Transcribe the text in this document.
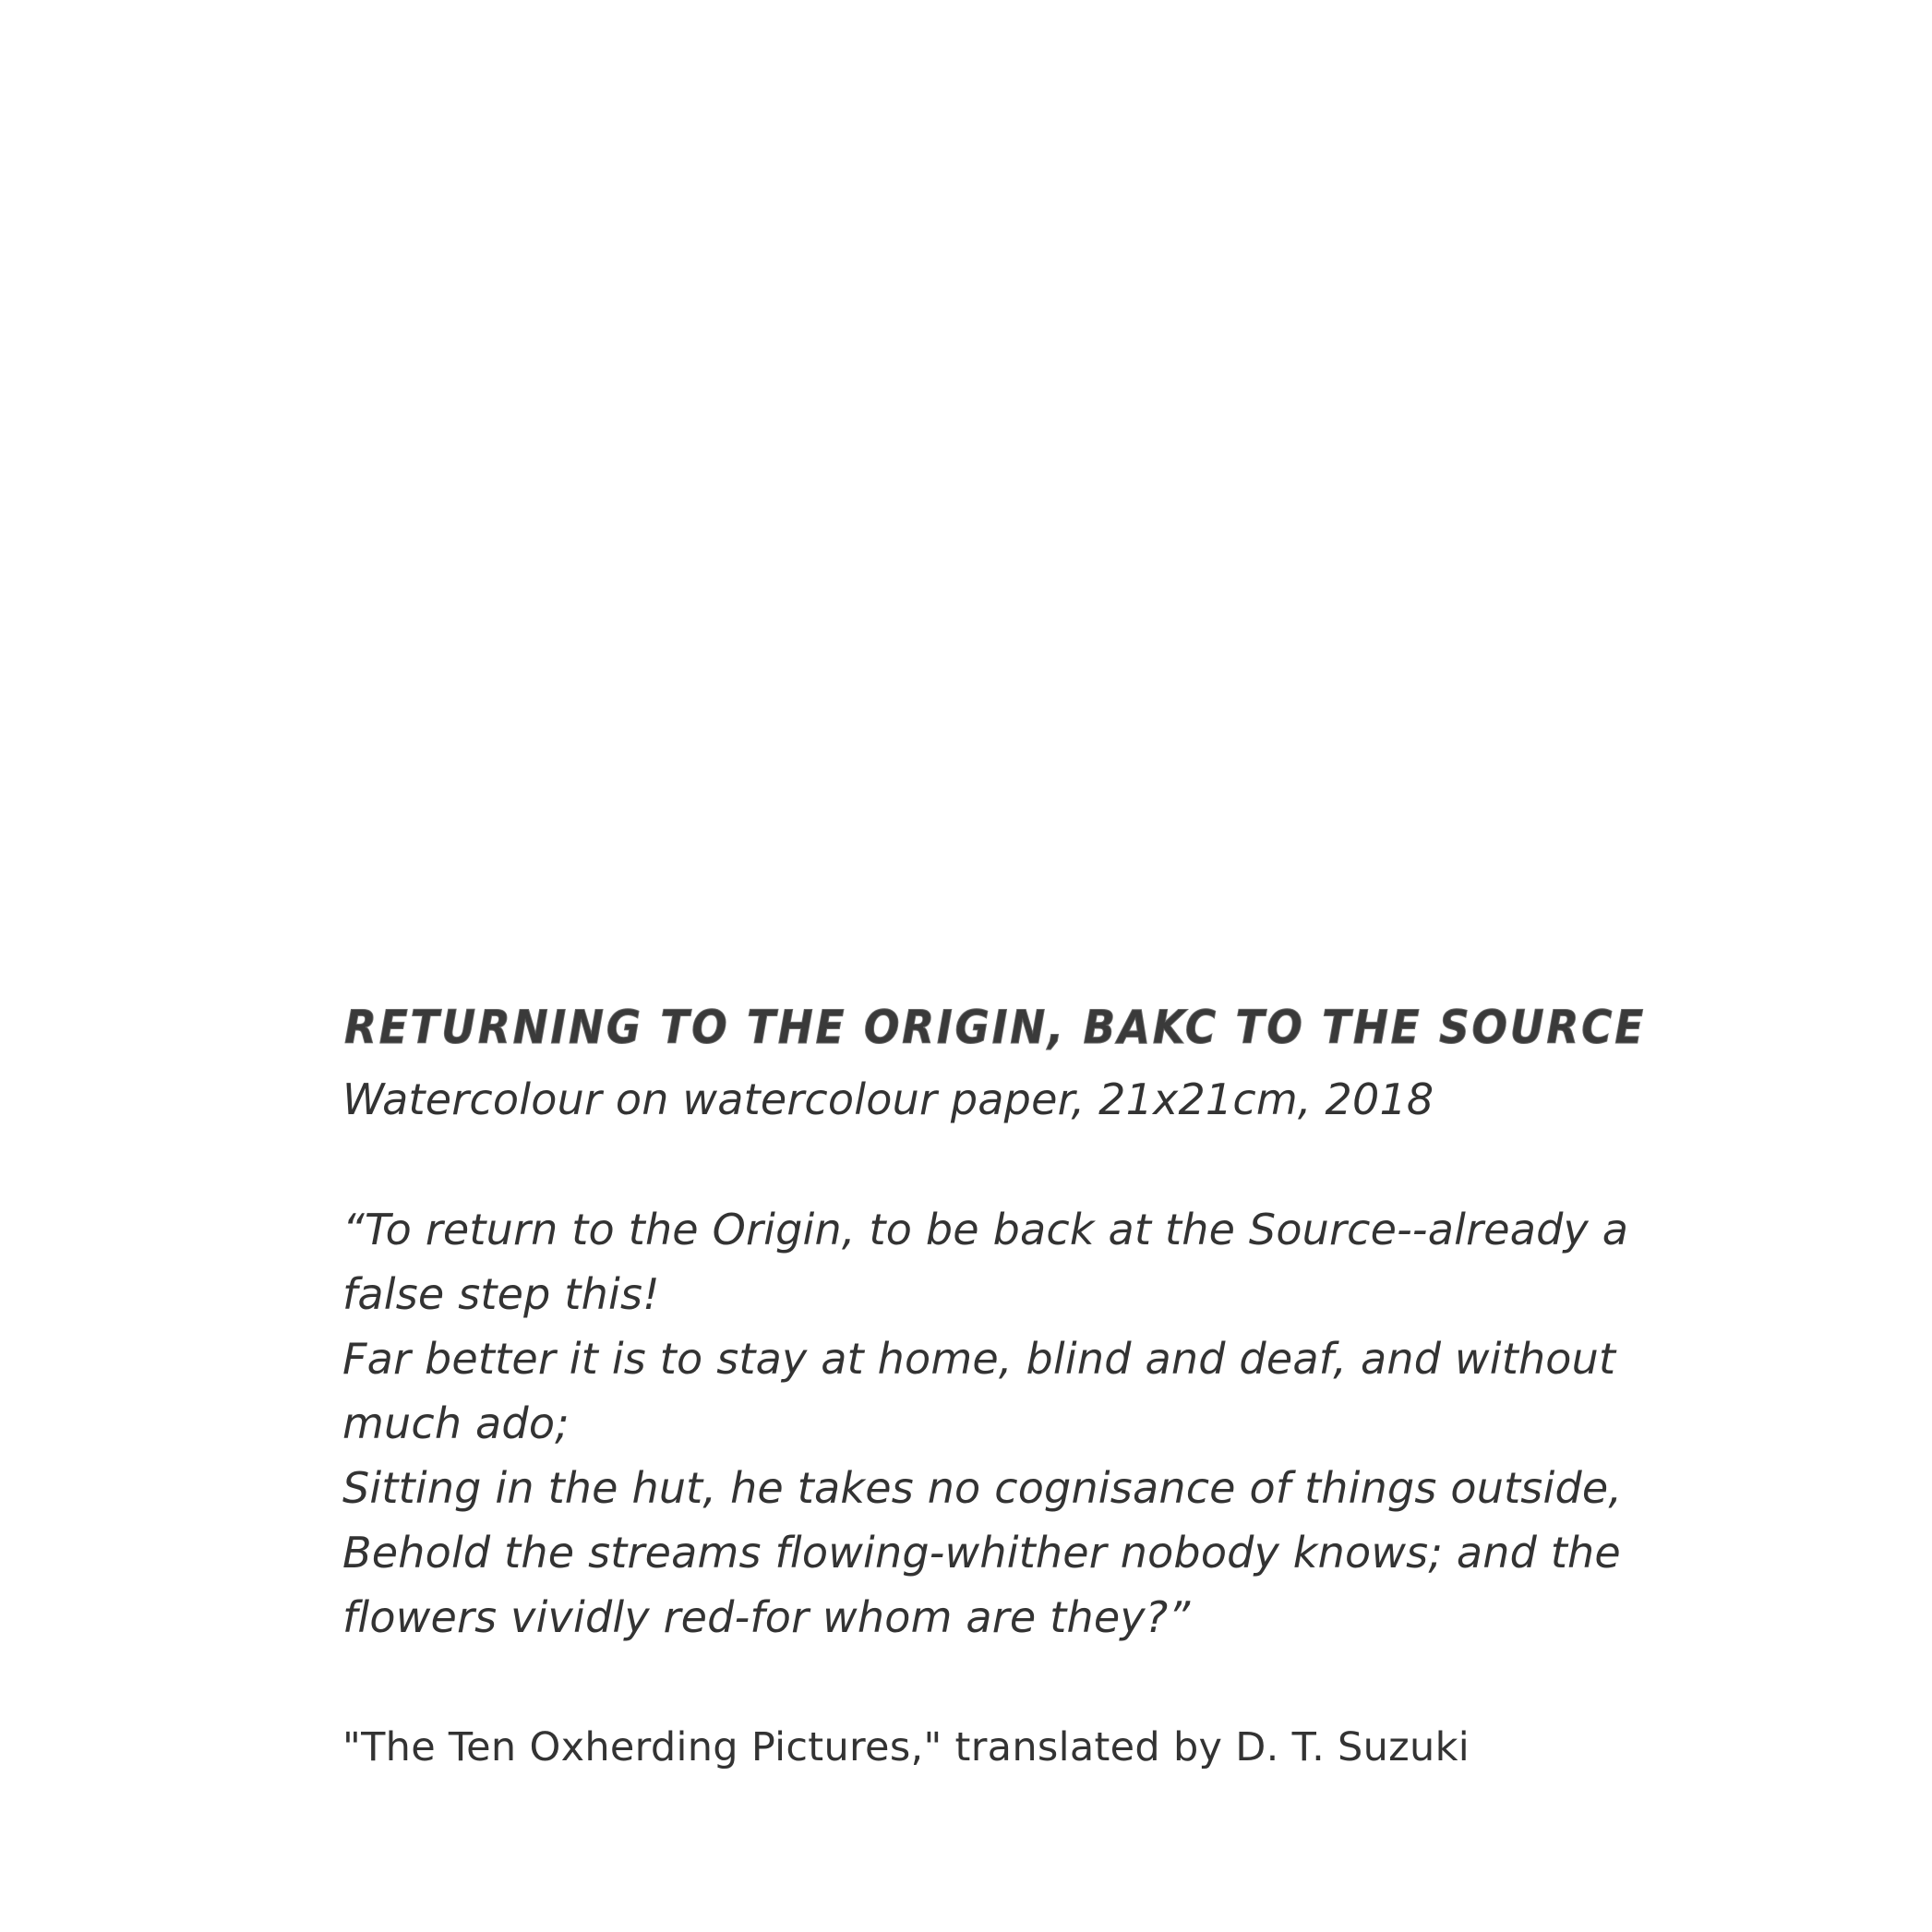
RETURNING TO THE ORIGIN, BAKC TO THE SOURCE

Watercolour on watercolour paper, 21x21cm, 2018

“To return to the Origin, to be back at the Source--already a
false step this!
Far better it is to stay at home, blind and deaf, and without
much ado;
Sitting in the hut, he takes no cognisance of things outside,
Behold the streams flowing-whither nobody knows; and the
flowers vividly red-for whom are they?”

"The Ten Oxherding Pictures," translated by D. T. Suzuki
